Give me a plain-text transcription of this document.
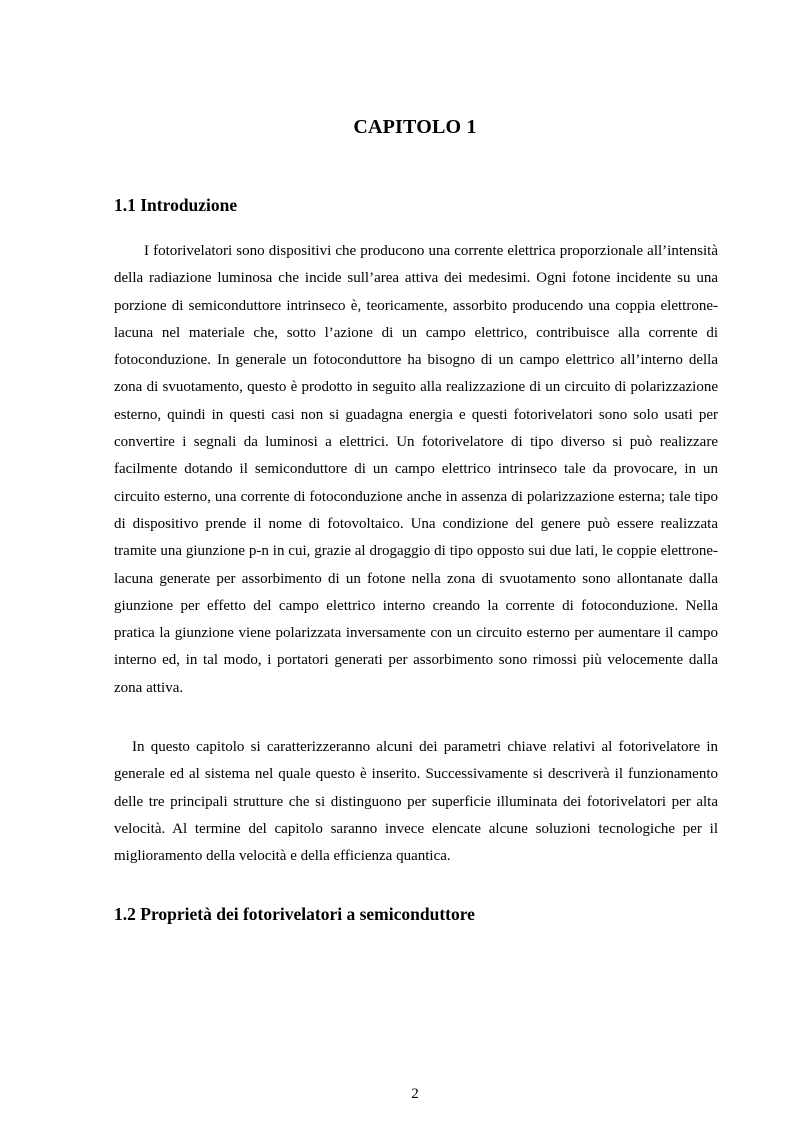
CAPITOLO 1
1.1 Introduzione

I fotorivelatori sono dispositivi che producono una corrente elettrica proporzionale all’intensità della radiazione luminosa che incide sull’area attiva dei medesimi. Ogni fotone incidente su una porzione di semiconduttore intrinseco è, teoricamente, assorbito producendo una coppia elettrone-lacuna nel materiale che, sotto l’azione di un campo elettrico, contribuisce alla corrente di fotoconduzione. In generale un fotoconduttore ha bisogno di un campo elettrico all’interno della zona di svuotamento, questo è prodotto in seguito alla realizzazione di un circuito di polarizzazione esterno, quindi in questi casi non si guadagna energia e questi fotorivelatori sono solo usati per convertire i segnali da luminosi a elettrici. Un fotorivelatore di tipo diverso si può realizzare facilmente dotando il semiconduttore di un campo elettrico intrinseco tale da provocare, in un circuito esterno, una corrente di fotoconduzione anche in assenza di polarizzazione esterna; tale tipo di dispositivo prende il nome di fotovoltaico. Una condizione del genere può essere realizzata tramite una giunzione p-n in cui, grazie al drogaggio di tipo opposto sui due lati, le coppie elettrone-lacuna generate per assorbimento di un fotone nella zona di svuotamento sono allontanate dalla giunzione per effetto del campo elettrico interno creando la corrente di fotoconduzione. Nella pratica la giunzione viene polarizzata inversamente con un circuito esterno per aumentare il campo interno ed, in tal modo, i portatori generati per assorbimento sono rimossi più velocemente dalla zona attiva.

In questo capitolo si caratterizzeranno alcuni dei parametri chiave relativi al fotorivelatore in generale ed al sistema nel quale questo è inserito. Successivamente si descriverà il funzionamento delle tre principali strutture che si distinguono per superficie illuminata dei fotorivelatori per alta velocità. Al termine del capitolo saranno invece elencate alcune soluzioni tecnologiche per il miglioramento della velocità e della efficienza quantica.

1.2 Proprietà dei fotorivelatori a semiconduttore
2
